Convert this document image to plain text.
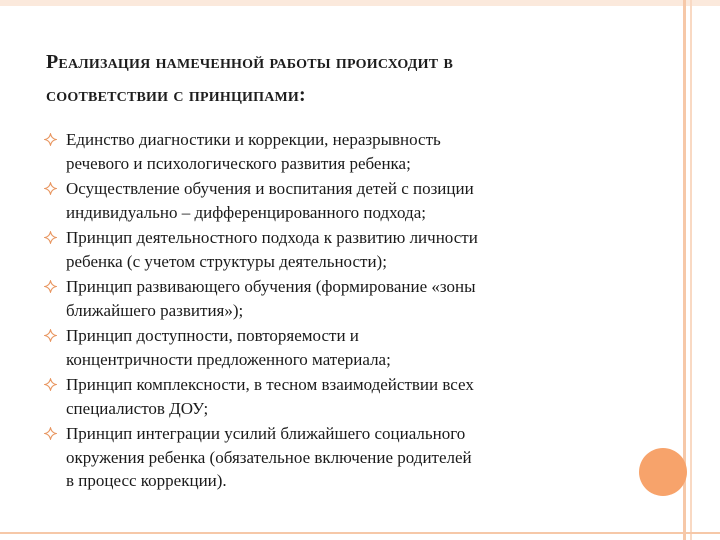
Реализация намеченной работы происходит в
соответствии с принципами:
Единство диагностики и коррекции, неразрывность
речевого и психологического развития ребенка;
Осуществление обучения и воспитания детей с позиции
индивидуально – дифференцированного подхода;
Принцип деятельностного подхода к развитию личности
ребенка (с учетом структуры деятельности);
Принцип развивающего обучения (формирование «зоны
ближайшего развития»);
Принцип доступности, повторяемости и
концентричности предложенного материала;
Принцип комплексности, в тесном взаимодействии всех
специалистов ДОУ;
Принцип интеграции усилий ближайшего социального
окружения ребенка (обязательное включение родителей
в процесс коррекции).
